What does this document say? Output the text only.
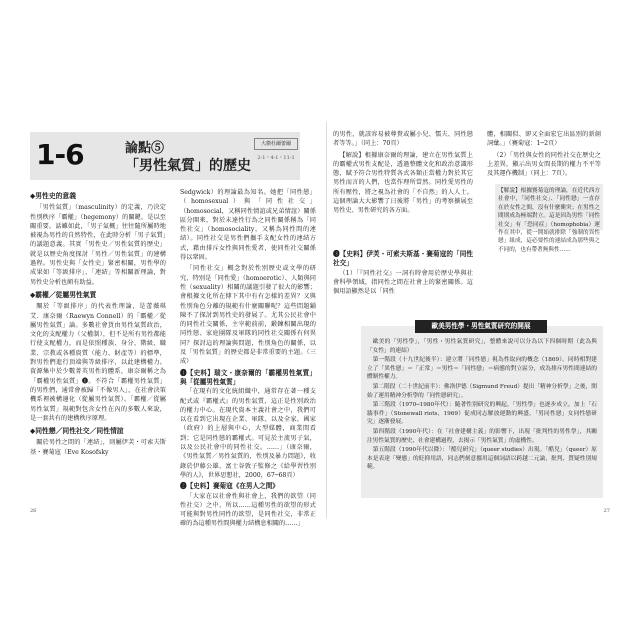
1-6	論點⑤
「男性氣質」的歷史
大衛杜爾蕾爾
2-1・4-1・11-1
◆男性史的意義

「男性氣質」（masculinity）的定義，乃決定性別秩序「霸權」（hegemony）的關鍵，是以至關重要。話雖如此，「男子氣概」往往隨所屬時地被視為男性的自然特性，在此時分析「男子氣質」的議題意義。其實「男性史／男性氣質的歷史」就是以歷史角度探討「男性／男性氣質」的建構過程。男性史與「女性史」緊密相關，男性學的成果如「等級排序」、「連結」等相關新理論，對男性史分析也頗有助益。

◆霸權／從屬男性氣質

闡於「等級排序」的代表性理論，是蕾薇琪艾．康奈爾（Raewyn Connell）的「霸權／從屬男性氣質」論。多數社會貨由男性氣質政治，文化的支配權力（父權制），但不是所有男性都能行使支配權力，而是依照種族、身分、階級、職業、宗教或各種資質（能力、財產等）的標準，對男性們進行頂端與等級排序，以此建構權力。資源集中於少數菁英男性的體系，康奈爾稱之為「霸權男性氣質」❶。不符合「霸權男性氣質」的男性們，通常會被歸「不像男人」，在社會決策機系裡被構邊化（從屬男性氣質）。「霸權／從屬男性氣質」規範對包含女性在內的多數人來說，是一套共有的建構秩序原理。

◆同性戀／同性社交／同性情誼

關於男性之間的「連結」，則屬伊芙・可索夫斯基・賽菊寇（Eve Kosofsky

Sedgwick）的理論最為知名。她把「同性戀」（homosexual）與「同性社交」（homosocial，又稱同性情誼或兄弟情誼）關係區分開來，對於未達性行為之同性關係稱為「同性社交」（homosociality，又稱為同性間的連結）。同性社交是男性們攜手支配女性的連結方式，藉由排斥女性與同性愛者，使同性社交關係得以鞏固。

「同性社交」概念對於性別歷史或文學的研究，特別是「同性愛」（homoerotic）、人類與同性（sexuality）相關的議題引發了很大的影響；會根據文化所在傳下其中有有怎樣的差異？又與性別角色分離的規範有什麼關聯呢？這些問題鋪陳不了探討到男性史的發展了。尤其公民社會中的同性社交關係，主宰範前前，鍛鍊相關出現的同性戀、家庭團隊及軍隊的同性社交關係有何異同？探討這的理論與問題，性別角色的關係，以及「男性氣質」的歷史都是非常重要的主題。（三成）

❶【史料】瑞文・康奈爾的「霸權男性氣質」與「從屬男性氣質」

「在現有的文化統組織中，通常存在著一種支配式或『霸權式』的男性氣質，這正是性別政治的權力中心。在現代資本主義社會之中，我們可以在看到它出現在企業、軍隊、以及全家，國家（政府）的上層與中心，大型媒體，商業間看到；它是同性戀的霸權式。可見於主流男子氣，以及公民社會中的同性社交。……」（康奈爾，《男性氣質／男性氣質的，性別及暴力問題》，收錄於伊藤公雄、富士谷敦子監修之《給學習性別學的人》，世界思想社，2000，67─68頁）

❷【史料】賽菊寇《在男人之間》

「大家在以社會性與社會上，我們的欲望（同性社交）之中，所以……這種男性的欲望的形式可能與對男性同性的欲望，是同性社交，非常正確的為這種男性間與權力結構息相關的……」

26

的男性，就該容易被尊貴或屬小兒、懦夫、同性戀者等等。」（同上：70頁）

【解說】根據康奈爾的理論，建立在男性氣質上的霸權式男性支配是，透過整體文化和政治意識形態，賦予符合男性特質各式各類正當權力對於其它男性而言的人們，也當作理所當然。同性愛男性的所有壓性，將之視為社會的「不自然」的人人士。這個理論大大影響了日後將「男性」的考察擴展至男性史、男性研究的各方面。

體，相關似、卻又全面宏它出區別的新創詞彙。」（賽菊寇：1─2頁）

（2）「男性與女性的同性社交在歷史之上差異，顯示出男女間長期的權力不平等及其運作機制」（同上：7頁）。

【解說】根據賽菊寇的理論，在近代西方社會中，「同性社交」、「同性戀」一直存在於女性之間，沒有什麼衝突；在男性之間則成為極端對立。這是因為男性「同性社交」有「恐同症」（homophobia）運作在其中，從一開始就排除「強制的異性戀」組成，這必要性的連結成為那些與之不同的，也有帶著無與性……
❸【史料】伊芙・可索夫斯基・賽菊寇的「同性社交」

（1）「『同性社交』一詞有時會用於歷史學與社會科學領域，指同性之間在社會上的緊密關係。這個用語顯然是以「同性

歐美男性學・男性氣質研究的開展

歐美的「男性學」，「男性・男性氣質研究」，整體來說可以分為以下四個時期（此為與「女性」的連結）

第一階段（十九世紀後半）：建立將「同性戀」視為性取向的概念（1869）。同時相對建立了「異性戀」＝「正常」＝男性＝「同性戀」＝病態的對立區分，成為排斥男性間連結的體制性權力。

第二階段（二十世紀前半）：佛洛伊德（Sigmund Freud）提出「精神分析學」之後，開始了運用精神分析學的「同性戀研究」。

第三階段（1970─1980年代）：隨著性別研究的興起，「男性學」也逐步成立，加上「石牆事件」（Stonewall riots，1969）促成同志解放運動的興盛，「男同性戀」女同性戀研究」逐漸發展。

第四階段（1990年代）：在「社會建構主義」的影響下，出現「批判性的男性學」，其關注男性氣質的歷史、社會建構過程，去揭示「男性氣質」的虛構性。

第五階段（1990年代以降）：「酷兒研究」（queer studies）出現。「酷兒」（queer）原本是表達「變態」的貶抑用語，同志們刻意挪用這個詞語以跨越二元論，批判、質疑性別規範。

27
